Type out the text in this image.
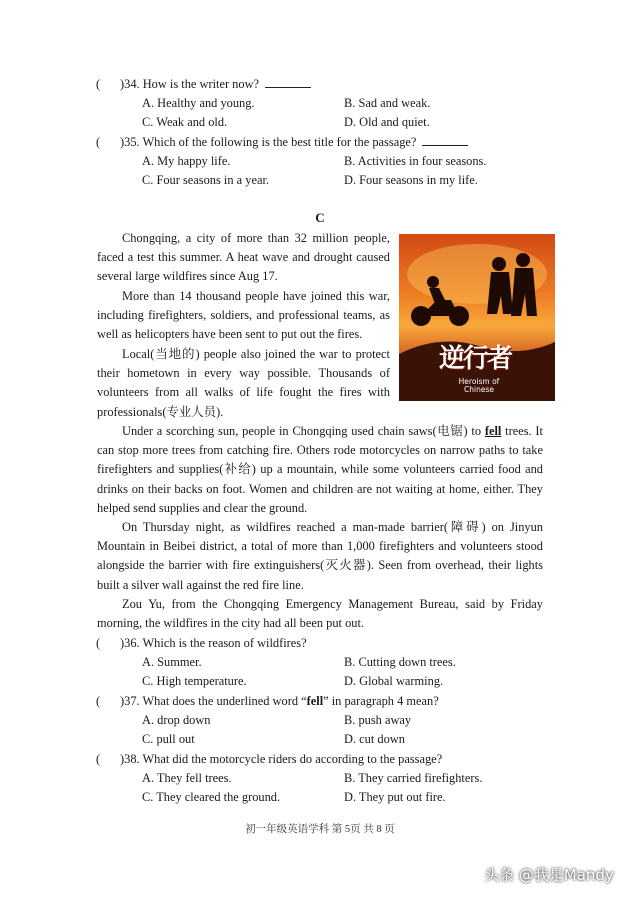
( )34. How is the writer now?
A. Healthy and young.	B. Sad and weak.
C. Weak and old.	D. Old and quiet.
( )35. Which of the following is the best title for the passage?
A. My happy life.	B. Activities in four seasons.
C. Four seasons in a year.	D. Four seasons in my life.
C
逆行者
Heroism of
Chinese

Chongqing, a city of more than 32 million people, faced a test this summer. A heat wave and drought caused several large wildfires since Aug 17.

More than 14 thousand people have joined this war, including firefighters, soldiers, and professional teams, as well as helicopters have been sent to put out the fires.

Local(当地的) people also joined the war to protect their hometown in every way possible. Thousands of volunteers from all walks of life fought the fires with professionals(专业人员).

Under a scorching sun, people in Chongqing used chain saws(电锯) to fell trees. It can stop more trees from catching fire. Others rode motorcycles on narrow paths to take firefighters and supplies(补给) up a mountain, while some volunteers carried food and drinks on their backs on foot. Women and children are not waiting at home, either. They helped send supplies and clear the ground.

On Thursday night, as wildfires reached a man-made barrier(障碍) on Jinyun Mountain in Beibei district, a total of more than 1,000 firefighters and volunteers stood alongside the barrier with fire extinguishers(灭火器). Seen from overhead, their lights built a silver wall against the red fire line.

Zou Yu, from the Chongqing Emergency Management Bureau, said by Friday morning, the wildfires in the city had all been put out.

( )36. Which is the reason of wildfires?
A. Summer.	B. Cutting down trees.
C. High temperature.	D. Global warming.
( )37. What does the underlined word “fell” in paragraph 4 mean?
A. drop down	B. push away
C. pull out	D. cut down
( )38. What did the motorcycle riders do according to the passage?
A. They fell trees.	B. They carried firefighters.
C. They cleared the ground.	D. They put out fire.
初一年级英语学科 第 5页 共 8 页
头条 @我是Mandy
